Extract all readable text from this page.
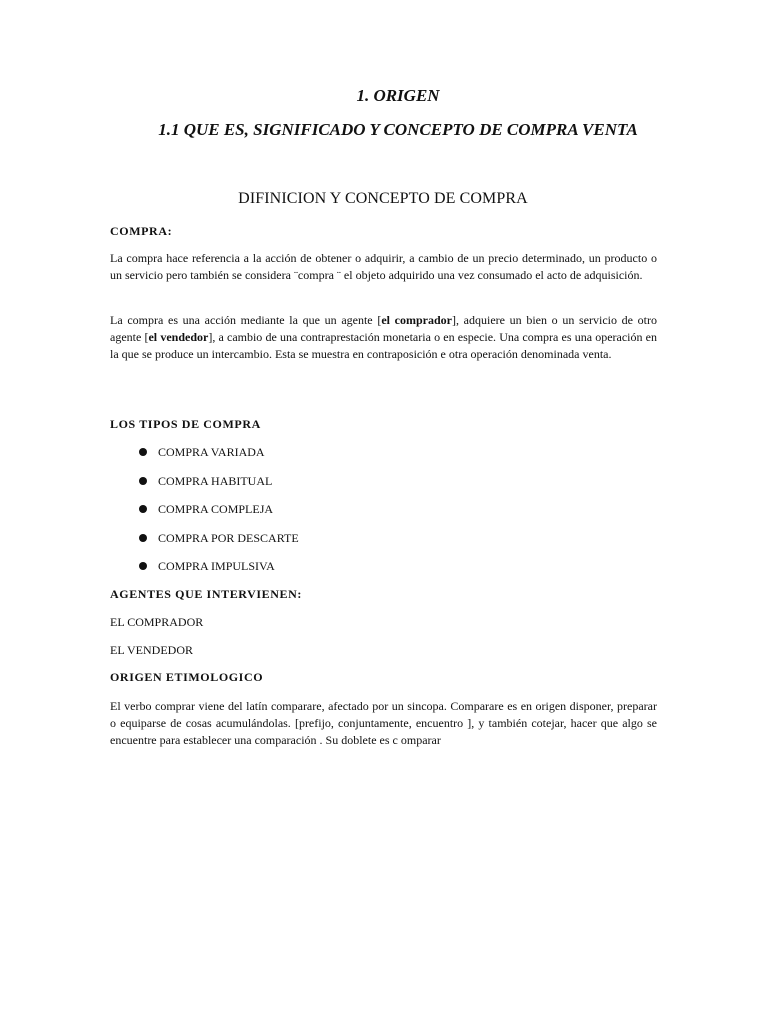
1. ORIGEN
1.1 QUE ES, SIGNIFICADO Y CONCEPTO DE COMPRA VENTA
DIFINICION Y CONCEPTO DE COMPRA
COMPRA:

La compra hace referencia a la acción de obtener o adquirir, a cambio de un precio determinado, un producto o un servicio pero también se considera ¨compra ¨ el objeto adquirido una vez consumado el acto de adquisición.

La compra es una acción mediante la que un agente [el comprador], adquiere un bien o un servicio de otro agente [el vendedor], a cambio de una contraprestación monetaria o en especie. Una compra es una operación en la que se produce un intercambio. Esta se muestra en contraposición e otra operación denominada venta.

LOS TIPOS DE COMPRA
COMPRA VARIADA
COMPRA HABITUAL
COMPRA COMPLEJA
COMPRA POR DESCARTE
COMPRA IMPULSIVA
AGENTES QUE INTERVIENEN:
EL COMPRADOR
EL VENDEDOR
ORIGEN ETIMOLOGICO

El verbo comprar viene del latín comparare, afectado por un sincopa. Comparare es en origen disponer, preparar o equiparse de cosas acumulándolas. [prefijo, conjuntamente, encuentro ], y también cotejar, hacer que algo se encuentre para establecer una comparación . Su doblete es c omparar
